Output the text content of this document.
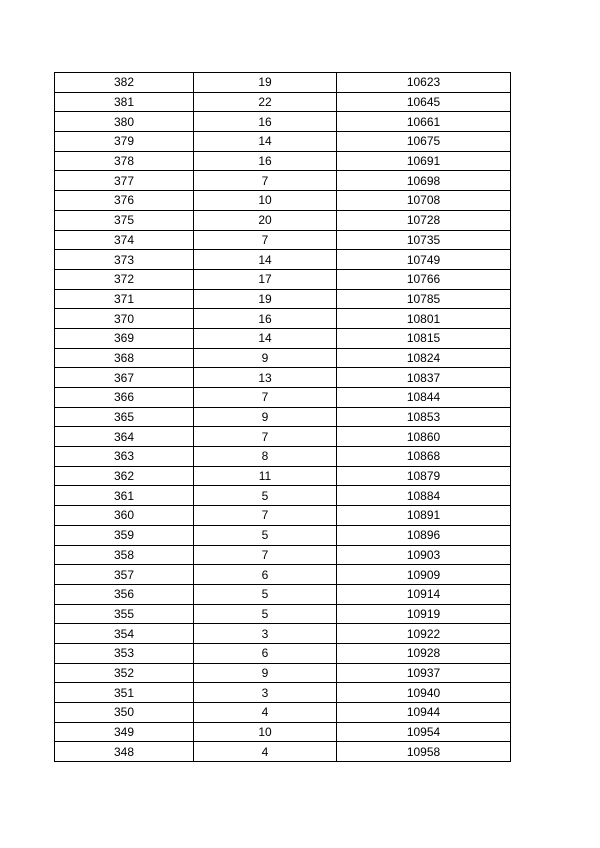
382	19	10623
381	22	10645
380	16	10661
379	14	10675
378	16	10691
377	7	10698
376	10	10708
375	20	10728
374	7	10735
373	14	10749
372	17	10766
371	19	10785
370	16	10801
369	14	10815
368	9	10824
367	13	10837
366	7	10844
365	9	10853
364	7	10860
363	8	10868
362	11	10879
361	5	10884
360	7	10891
359	5	10896
358	7	10903
357	6	10909
356	5	10914
355	5	10919
354	3	10922
353	6	10928
352	9	10937
351	3	10940
350	4	10944
349	10	10954
348	4	10958
